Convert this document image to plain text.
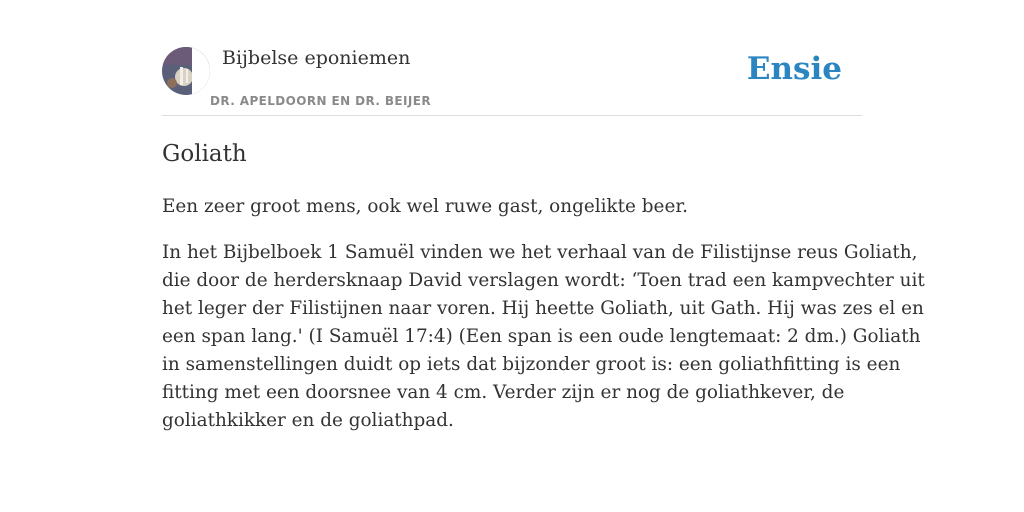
Bijbelse eponiemen
DR. APELDOORN EN DR. BEIJER
Ensie
Goliath

Een zeer groot mens, ook wel ruwe gast, ongelikte beer.

In het Bijbelboek 1 Samuël vinden we het verhaal van de Filistijnse reus Goliath,
die door de herdersknaap David verslagen wordt: ‘Toen trad een kampvechter uit
het leger der Filistijnen naar voren. Hij heette Goliath, uit Gath. Hij was zes el en
een span lang.' (I Samuël 17:4) (Een span is een oude lengtemaat: 2 dm.) Goliath
in samenstellingen duidt op iets dat bijzonder groot is: een goliathfitting is een
fitting met een doorsnee van 4 cm. Verder zijn er nog de goliathkever, de
goliathkikker en de goliathpad.
